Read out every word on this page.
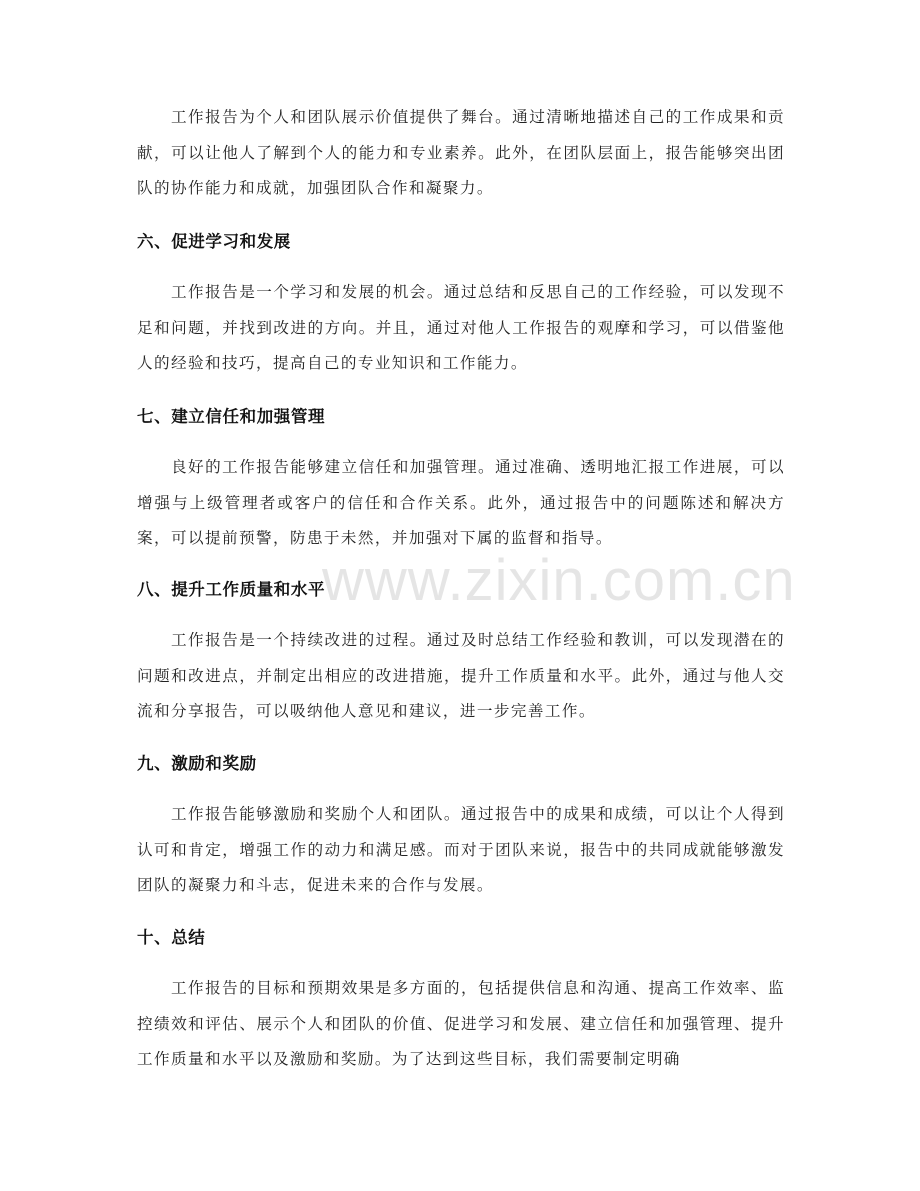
工作报告为个人和团队展示价值提供了舞台。通过清晰地描述自己的工作成果和贡献，可以让他人了解到个人的能力和专业素养。此外，在团队层面上，报告能够突出团队的协作能力和成就，加强团队合作和凝聚力。

六、促进学习和发展

工作报告是一个学习和发展的机会。通过总结和反思自己的工作经验，可以发现不足和问题，并找到改进的方向。并且，通过对他人工作报告的观摩和学习，可以借鉴他人的经验和技巧，提高自己的专业知识和工作能力。

七、建立信任和加强管理

良好的工作报告能够建立信任和加强管理。通过准确、透明地汇报工作进展，可以增强与上级管理者或客户的信任和合作关系。此外，通过报告中的问题陈述和解决方案，可以提前预警，防患于未然，并加强对下属的监督和指导。

八、提升工作质量和水平

工作报告是一个持续改进的过程。通过及时总结工作经验和教训，可以发现潜在的问题和改进点，并制定出相应的改进措施，提升工作质量和水平。此外，通过与他人交流和分享报告，可以吸纳他人意见和建议，进一步完善工作。

九、激励和奖励

工作报告能够激励和奖励个人和团队。通过报告中的成果和成绩，可以让个人得到认可和肯定，增强工作的动力和满足感。而对于团队来说，报告中的共同成就能够激发团队的凝聚力和斗志，促进未来的合作与发展。

十、总结

工作报告的目标和预期效果是多方面的，包括提供信息和沟通、提高工作效率、监控绩效和评估、展示个人和团队的价值、促进学习和发展、建立信任和加强管理、提升工作质量和水平以及激励和奖励。为了达到这些目标，我们需要制定明确

www.zixin.com.cn
